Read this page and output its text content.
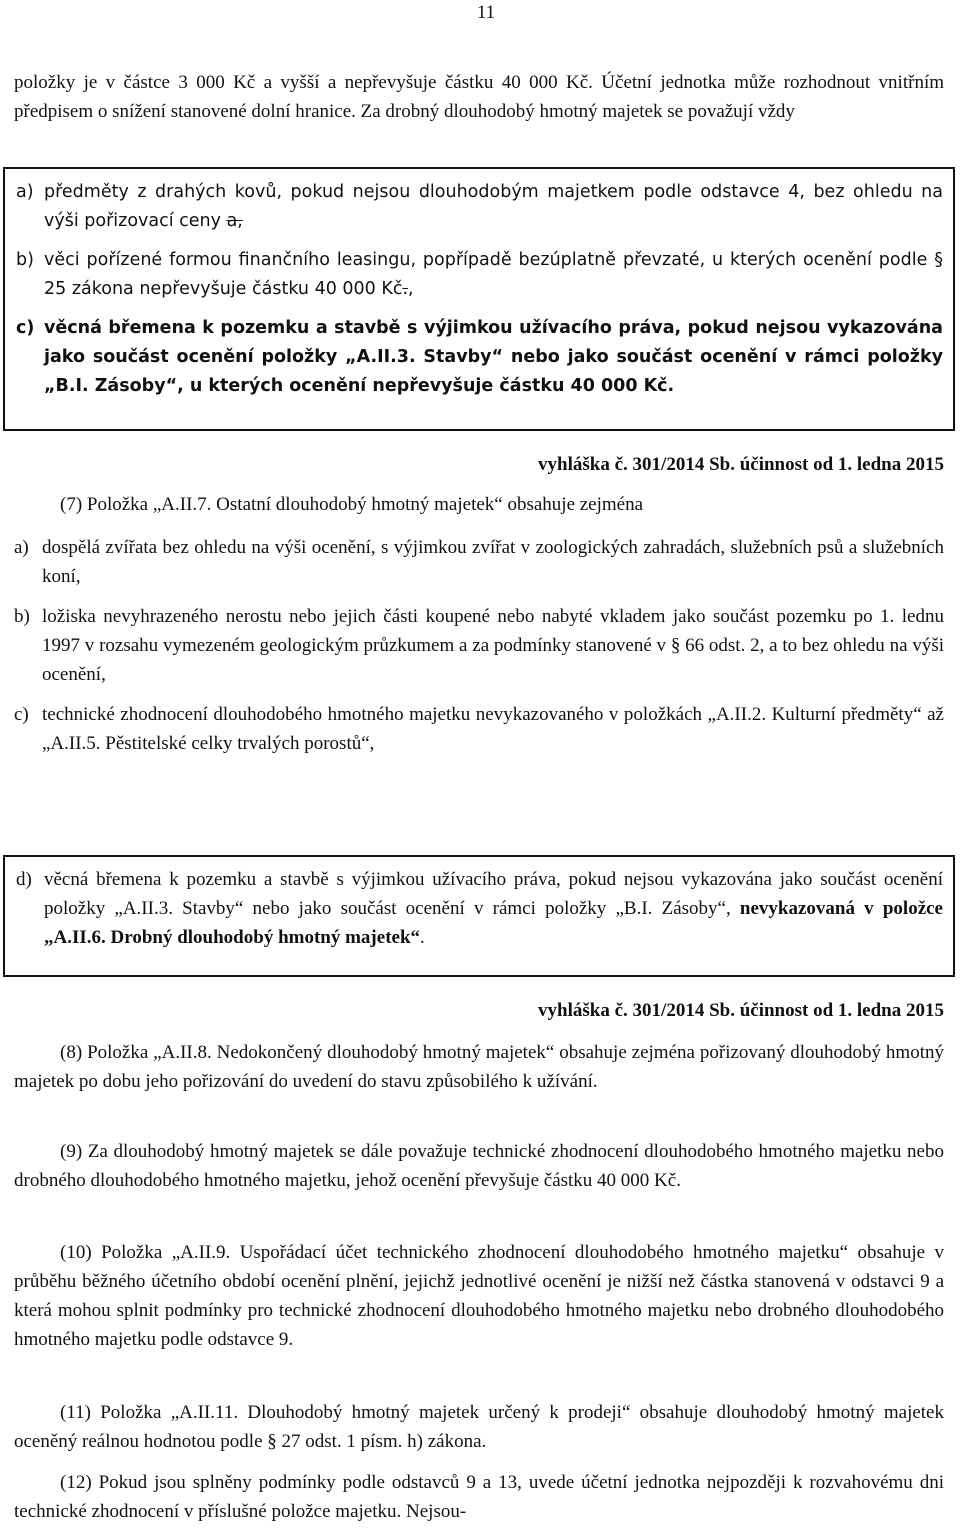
11
položky je v částce 3 000 Kč a vyšší a nepřevyšuje částku 40 000 Kč. Účetní jednotka může rozhodnout vnitřním předpisem o snížení stanovené dolní hranice. Za drobný dlouhodobý hmotný majetek se považují vždy
a) předměty z drahých kovů, pokud nejsou dlouhodobým majetkem podle odstavce 4, bez ohledu na výši pořizovací ceny a,
b) věci pořízené formou finančního leasingu, popřípadě bezúplatně převzaté, u kterých ocenění podle § 25 zákona nepřevyšuje částku 40 000 Kč.,
c) věcná břemena k pozemku a stavbě s výjimkou užívacího práva, pokud nejsou vykazována jako součást ocenění položky „A.II.3. Stavby“ nebo jako součást ocenění v rámci položky „B.I. Zásoby“, u kterých ocenění nepřevyšuje částku 40 000 Kč.
vyhláška č. 301/2014 Sb. účinnost od 1. ledna 2015
(7) Položka „A.II.7. Ostatní dlouhodobý hmotný majetek“ obsahuje zejména
a) dospělá zvířata bez ohledu na výši ocenění, s výjimkou zvířat v zoologických zahradách, služebních psů a služebních koní,
b) ložiska nevyhrazeného nerostu nebo jejich části koupené nebo nabyté vkladem jako součást pozemku po 1. lednu 1997 v rozsahu vymezeném geologickým průzkumem a za podmínky stanovené v § 66 odst. 2, a to bez ohledu na výši ocenění,
c) technické zhodnocení dlouhodobého hmotného majetku nevykazovaného v položkách „A.II.2. Kulturní předměty“ až „A.II.5. Pěstitelské celky trvalých porostů“,
d) věcná břemena k pozemku a stavbě s výjimkou užívacího práva, pokud nejsou vykazována jako součást ocenění položky „A.II.3. Stavby“ nebo jako součást ocenění v rámci položky „B.I. Zásoby“, nevykazovaná v položce „A.II.6. Drobný dlouhodobý hmotný majetek“.
vyhláška č. 301/2014 Sb. účinnost od 1. ledna 2015
(8) Položka „A.II.8. Nedokončený dlouhodobý hmotný majetek“ obsahuje zejména pořizovaný dlouhodobý hmotný majetek po dobu jeho pořizování do uvedení do stavu způsobilého k užívání.
(9) Za dlouhodobý hmotný majetek se dále považuje technické zhodnocení dlouhodobého hmotného majetku nebo drobného dlouhodobého hmotného majetku, jehož ocenění převyšuje částku 40 000 Kč.
(10) Položka „A.II.9. Uspořádací účet technického zhodnocení dlouhodobého hmotného majetku“ obsahuje v průběhu běžného účetního období ocenění plnění, jejichž jednotlivé ocenění je nižší než částka stanovená v odstavci 9 a která mohou splnit podmínky pro technické zhodnocení dlouhodobého hmotného majetku nebo drobného dlouhodobého hmotného majetku podle odstavce 9.
(11) Položka „A.II.11. Dlouhodobý hmotný majetek určený k prodeji“ obsahuje dlouhodobý hmotný majetek oceněný reálnou hodnotou podle § 27 odst. 1 písm. h) zákona.
(12) Pokud jsou splněny podmínky podle odstavců 9 a 13, uvede účetní jednotka nejpozději k rozvahovému dni technické zhodnocení v příslušné položce majetku. Nejsou-
